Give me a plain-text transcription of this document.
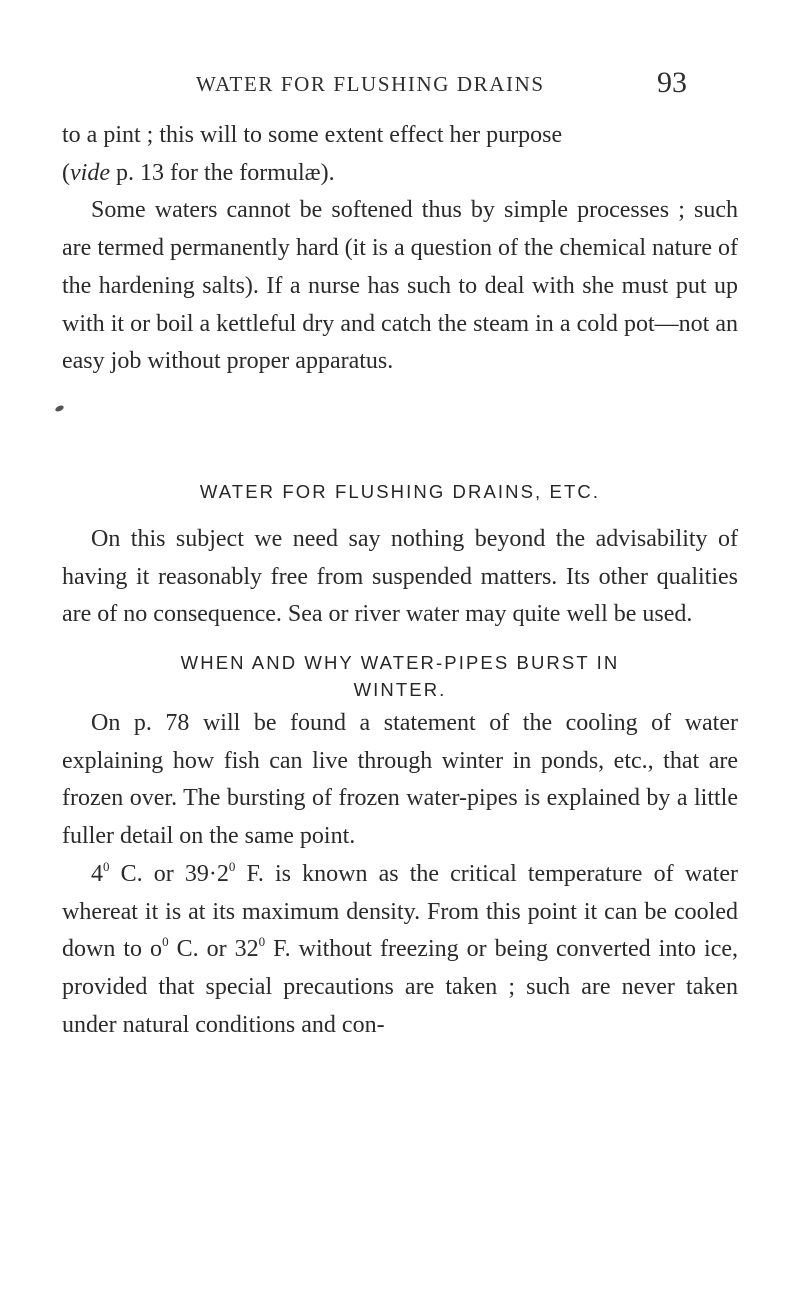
WATER FOR FLUSHING DRAINS	93

to a pint ; this will to some extent effect her purpose
(vide p. 13 for the formulæ).

Some waters cannot be softened thus by simple processes ; such are termed permanently hard (it is a question of the chemical nature of the hardening salts). If a nurse has such to deal with she must put up with it or boil a kettleful dry and catch the steam in a cold pot—not an easy job without proper apparatus.

WATER FOR FLUSHING DRAINS, ETC.

On this subject we need say nothing beyond the advisability of having it reasonably free from suspended matters. Its other qualities are of no consequence. Sea or river water may quite well be used.

WHEN AND WHY WATER-PIPES BURST IN
WINTER.

On p. 78 will be found a statement of the cooling of water explaining how fish can live through winter in ponds, etc., that are frozen over. The bursting of frozen water-pipes is explained by a little fuller detail on the same point.

$4^0$ C. or $39\cdot 2^0$ F. is known as the critical temperature of water whereat it is at its maximum density. From this point it can be cooled down to $o^0$ C. or $32^0$ F. without freezing or being converted into ice, provided that special precautions are taken ; such are never taken under natural conditions and con-
